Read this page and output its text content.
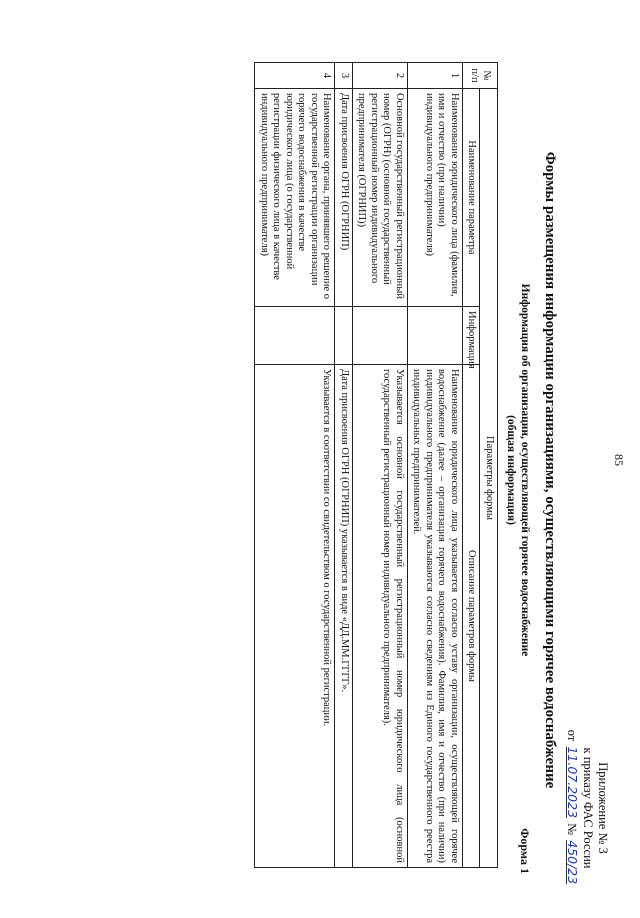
85
Приложение № 3
к приказу ФАС России
от 11.07.2023 № 450/23
Формы размещения информации организациями, осуществляющими горячее водоснабжение
Информация об организации, осуществляющей горячее водоснабжение
(общая информация)
Форма 1
№ п/п	Параметры формы		
	Наименование параметра	Информация	Описание параметров формы
1	Наименование юридического лица (фамилия, имя и отчество (при наличии) индивидуального предпринимателя)		Наименование юридического лица указывается согласно уставу организации, осуществляющей горячее водоснабжение (далее – организация горячего водоснабжения). Фамилия, имя и отчество (при наличии) индивидуального предпринимателя указываются согласно сведениям из Единого государственного реестра индивидуальных предпринимателей.
2	Основной государственный регистрационный номер (ОГРН) (основной государственный регистрационный номер индивидуального предпринимателя (ОГРНИП))		Указывается основной государственный регистрационный номер юридического лица (основной государственный регистрационный номер индивидуального предпринимателя).
3	Дата присвоения ОГРН (ОГРНИП)		Дата присвоения ОГРН (ОГРНИП) указывается в виде «ДД.ММ.ГГГГ».
4	Наименование органа, принявшего решение о государственной регистрации организации горячего водоснабжения в качестве юридического лица (о государственной регистрации физического лица в качестве индивидуального предпринимателя)		Указывается в соответствии со свидетельством о государственной регистрации.
